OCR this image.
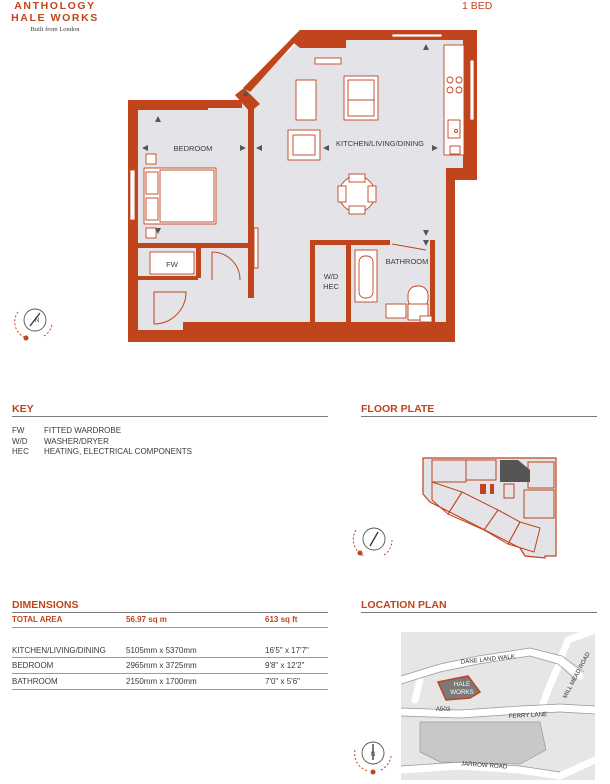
ANTHOLOGY
HALE WORKS
Built from London
1 BED
BEDROOM
KITCHEN/LIVING/DINING
BATHROOM
FW
W/D
HEC
N
HALE
WORKS
DANE LAND WALK	MILL MEAD ROAD
A503
FERRY LANE
JARROW ROAD
N
KEY
FW	FITTED WARDROBE
W/D	WASHER/DRYER
HEC	HEATING, ELECTRICAL COMPONENTS
FLOOR PLATE
DIMENSIONS
TOTAL AREA	56.97 sq m	613 sq ft
KITCHEN/LIVING/DINING	5105mm x 5370mm	16'5" x 17'7"
BEDROOM	2965mm x 3725mm	9'8" x 12'2"
BATHROOM	2150mm x 1700mm	7'0" x 5'6"
LOCATION PLAN
